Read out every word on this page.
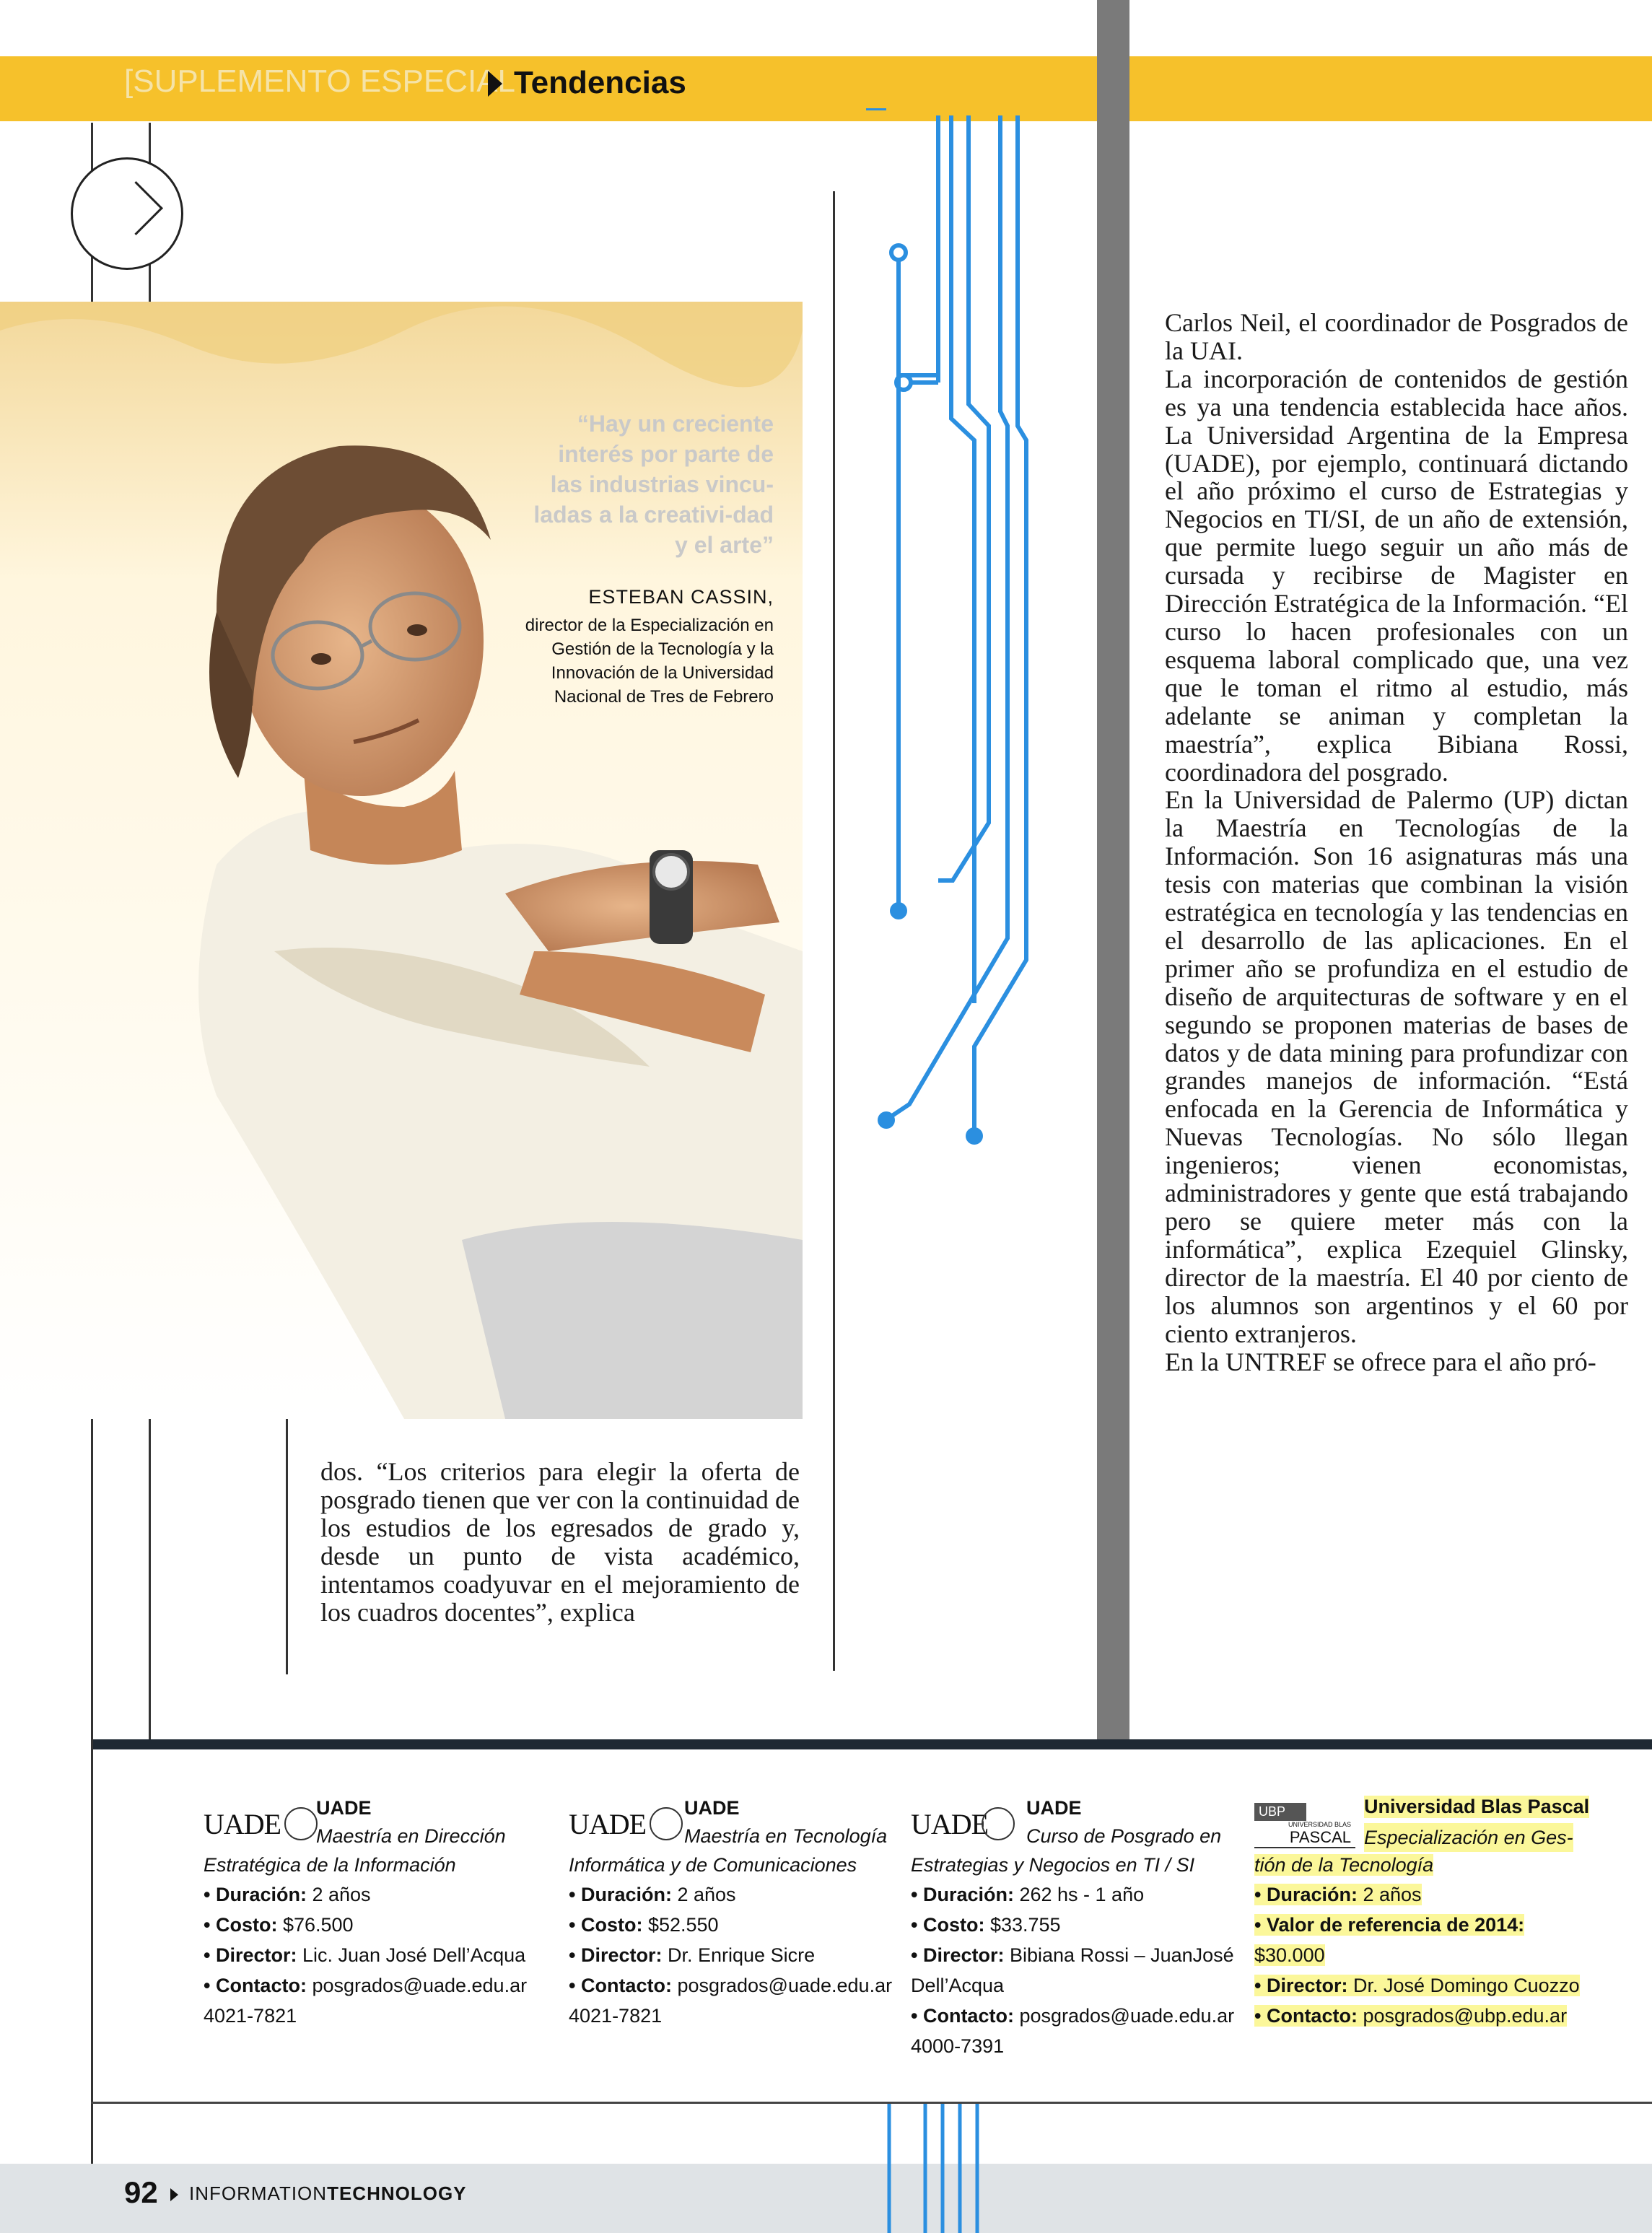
[SUPLEMENTO ESPECIAL
Tendencias
“Hay un creciente interés por parte de las industrias vincu-ladas a la creativi-dad y el arte”
ESTEBAN CASSIN,
director de la Especialización en Gestión de la Tecnología y la Innovación de la Universidad Nacional de Tres de Febrero

dos. “Los criterios para elegir la oferta de posgrado tienen que ver con la continuidad de los estudios de los egresados de grado y, desde un punto de vista académico, intentamos coadyuvar en el mejoramiento de los cuadros docentes”, explica

Carlos Neil, el coordinador de Posgrados de la UAI.

La incorporación de contenidos de gestión es ya una tendencia establecida hace años. La Universidad Argentina de la Empresa (UADE), por ejemplo, continuará dictando el año próximo el curso de Estrategias y Negocios en TI/SI, de un año de extensión, que permite luego seguir un año más de cursada y recibirse de Magister en Dirección Estratégica de la Información. “El curso lo hacen profesionales con un esquema laboral complicado que, una vez que le toman el ritmo al estudio, más adelante se animan y completan la maestría”, explica Bibiana Rossi, coordinadora del posgrado.

En la Universidad de Palermo (UP) dictan la Maestría en Tecnologías de la Información. Son 16 asignaturas más una tesis con materias que combinan la visión estratégica en tecnología y las tendencias en el desarrollo de las aplicaciones. En el primer año se profundiza en el estudio de diseño de arquitecturas de software y en el segundo se proponen materias de bases de datos y de data mining para profundizar con grandes manejos de información. “Está enfocada en la Gerencia de Informática y Nuevas Tecnologías. No sólo llegan ingenieros; vienen economistas, administradores y gente que está trabajando pero se quiere meter más con la informática”, explica Ezequiel Glinsky, director de la maestría. El 40 por ciento de los alumnos son argentinos y el 60 por ciento extranjeros.

En la UNTREF se ofrece para el año pró-

UADE UADE
Maestría en Dirección
Estratégica de la Información
• Duración: 2 años
• Costo: $76.500
• Director: Lic. Juan José Dell’Acqua
• Contacto: posgrados@uade.edu.ar
4021-7821
UADE UADE
Maestría en Tecnología
Informática y de Comunicaciones
• Duración: 2 años
• Costo: $52.550
• Director: Dr. Enrique Sicre
• Contacto: posgrados@uade.edu.ar
4021-7821
UADE UADE
Curso de Posgrado en
Estrategias y Negocios en TI / SI
• Duración: 262 hs - 1 año
• Costo: $33.755
• Director: Bibiana Rossi – JuanJosé
Dell’Acqua
• Contacto: posgrados@uade.edu.ar
4000-7391
UBP
UNIVERSIDAD BLAS
PASCAL
Universidad Blas Pascal
Especialización en Ges-
tión de la Tecnología
• Duración: 2 años
• Valor de referencia de 2014:
$30.000
• Director: Dr. José Domingo Cuozzo
• Contacto: posgrados@ubp.edu.ar
92 INFORMATIONTECHNOLOGY
